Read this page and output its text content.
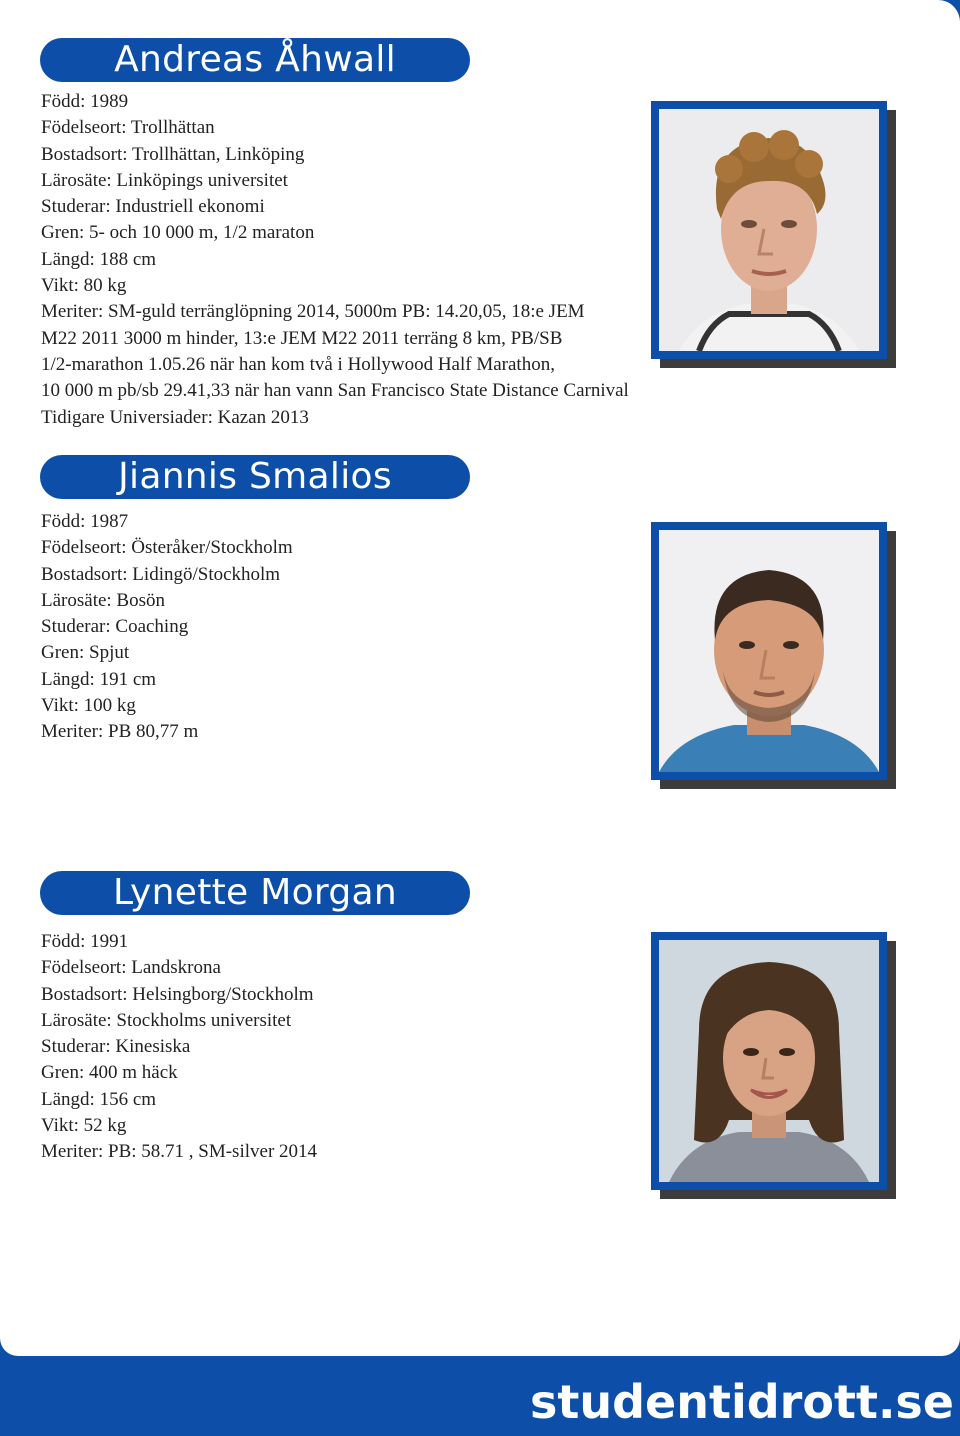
Andreas Åhwall
Född: 1989
Födelseort: Trollhättan
Bostadsort: Trollhättan, Linköping
Lärosäte: Linköpings universitet
Studerar: Industriell ekonomi
Gren: 5- och 10 000 m, 1/2 maraton
Längd: 188 cm
Vikt: 80 kg
Meriter: SM-guld terränglöpning 2014, 5000m PB: 14.20,05, 18:e JEM
M22 2011 3000 m hinder, 13:e JEM M22 2011 terräng 8 km, PB/SB
1/2-marathon 1.05.26 när han kom två i Hollywood Half Marathon,
10 000 m pb/sb 29.41,33 när han vann San Francisco State Distance Carnival
Tidigare Universiader: Kazan 2013
Jiannis Smalios
Född: 1987
Födelseort: Österåker/Stockholm
Bostadsort: Lidingö/Stockholm
Lärosäte: Bosön
Studerar: Coaching
Gren: Spjut
Längd: 191 cm
Vikt: 100 kg
Meriter: PB 80,77 m
Lynette Morgan
Född: 1991
Födelseort: Landskrona
Bostadsort: Helsingborg/Stockholm
Lärosäte: Stockholms universitet
Studerar: Kinesiska
Gren: 400 m häck
Längd: 156 cm
Vikt: 52 kg
Meriter: PB: 58.71 , SM-silver 2014
studentidrott.se
